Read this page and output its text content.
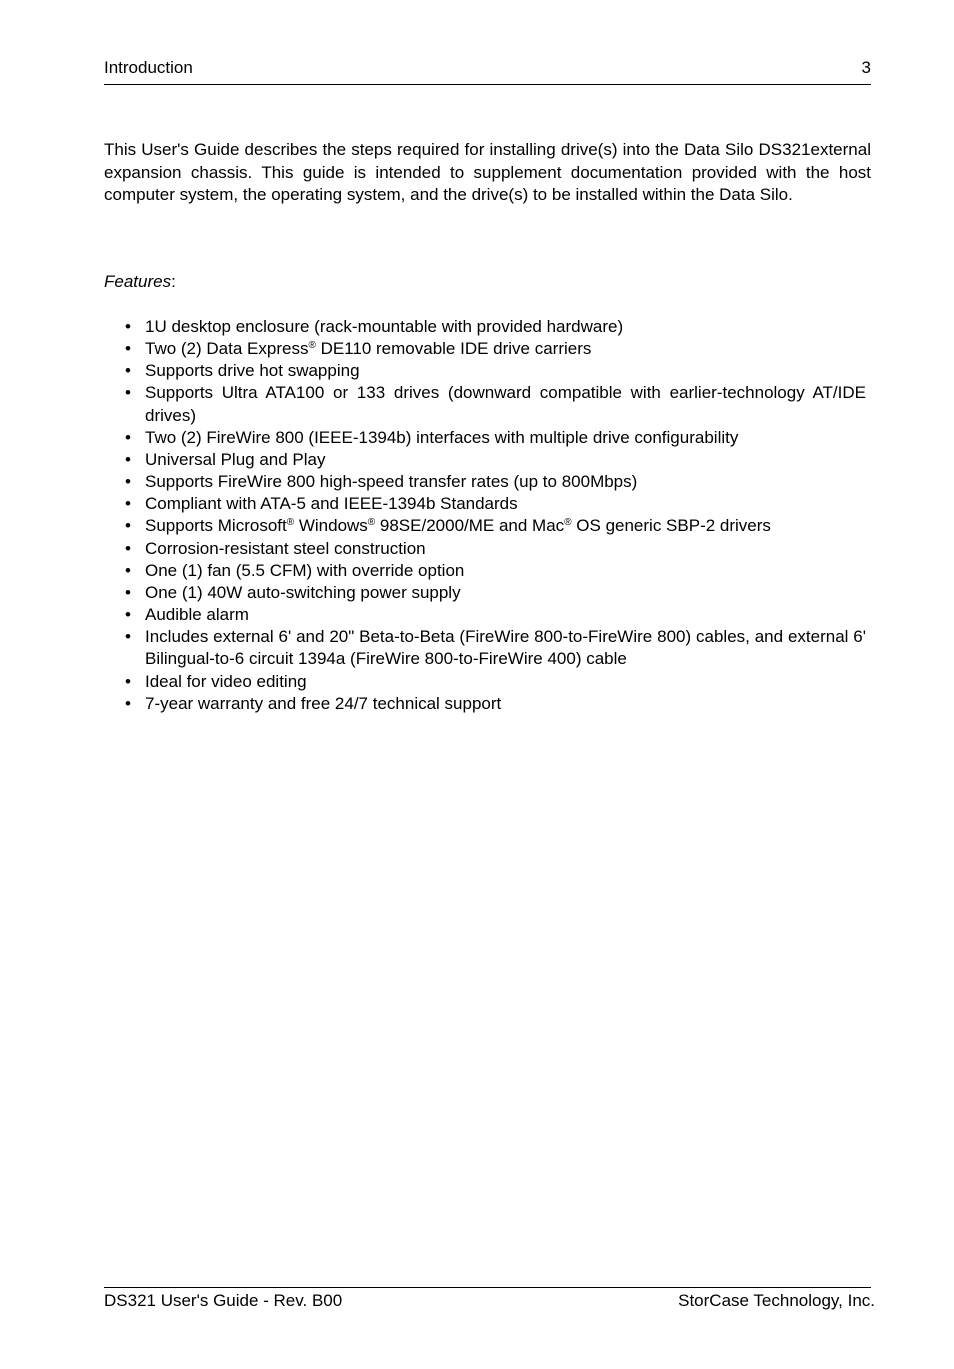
Introduction	3

This User's Guide describes the steps required for installing drive(s) into the Data Silo DS321external expansion chassis. This guide is intended to supplement documentation provided with the host computer system, the operating system, and the drive(s) to be installed within the Data Silo.

Features:

• 1U desktop enclosure (rack-mountable with provided hardware)
• Two (2) Data Express® DE110 removable IDE drive carriers
• Supports drive hot swapping
• Supports Ultra ATA100 or 133 drives (downward compatible with earlier-technology AT/IDE drives)
• Two (2) FireWire 800 (IEEE-1394b) interfaces with multiple drive configurability
• Universal Plug and Play
• Supports FireWire 800 high-speed transfer rates (up to 800Mbps)
• Compliant with ATA-5 and IEEE-1394b Standards
• Supports Microsoft® Windows® 98SE/2000/ME and Mac® OS generic SBP-2 drivers
• Corrosion-resistant steel construction
• One (1) fan (5.5 CFM) with override option
• One (1) 40W auto-switching power supply
• Audible alarm
• Includes external 6' and 20" Beta-to-Beta (FireWire 800-to-FireWire 800) cables, and external 6' Bilingual-to-6 circuit 1394a (FireWire 800-to-FireWire 400) cable
• Ideal for video editing
• 7-year warranty and free 24/7 technical support
DS321 User's Guide - Rev. B00	StorCase Technology, Inc.
